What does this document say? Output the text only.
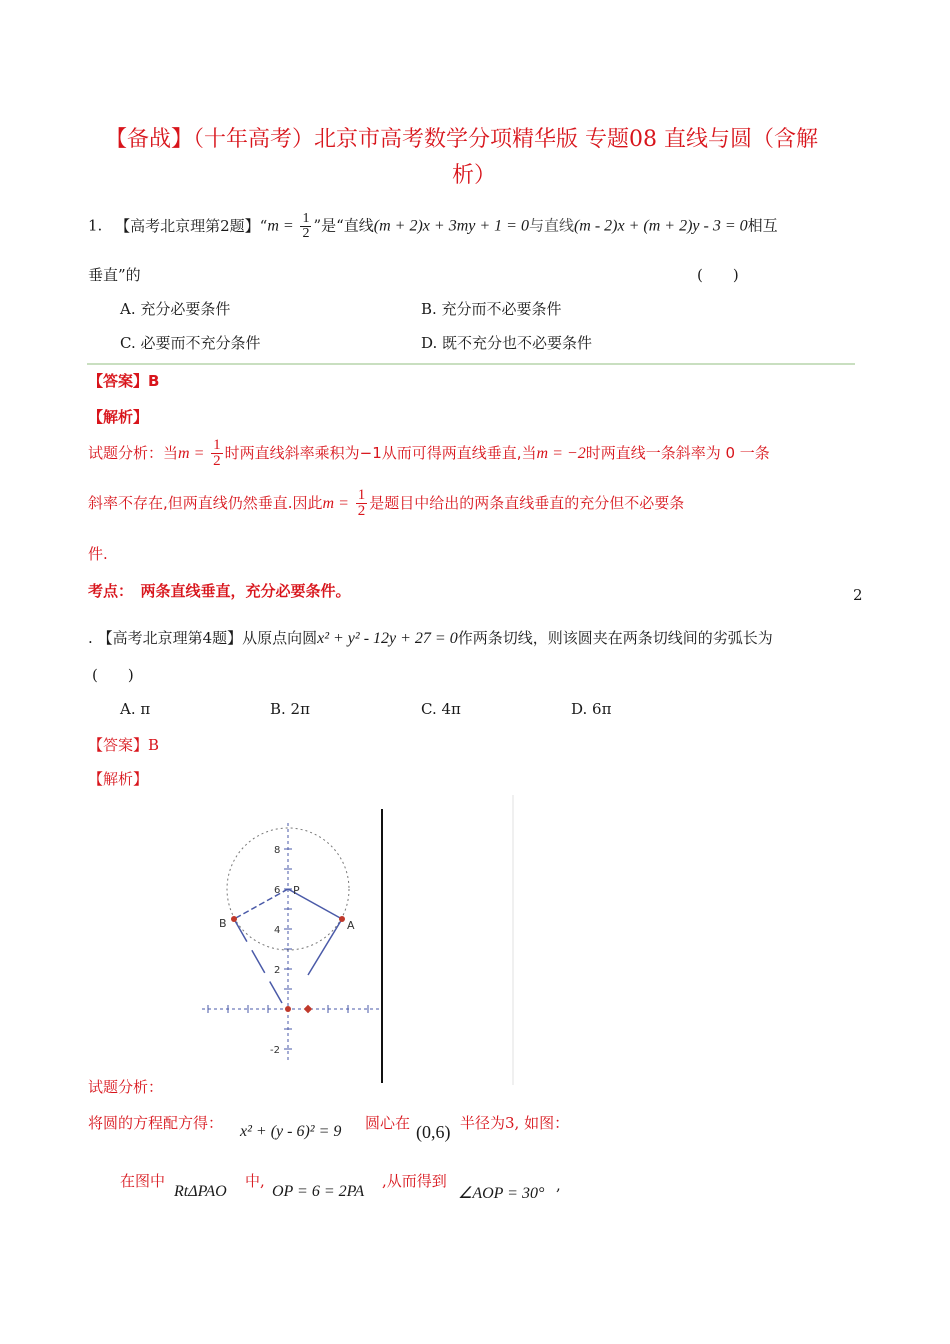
【备战】（十年高考）北京市高考数学分项精华版 专题08 直线与圆（含解
析）
1. 【高考北京理第2题】“$m = \frac{1}{2}$ ”是“直线(m + 2)x + 3my + 1 = 0与直线(m - 2)x + (m + 2)y - 3 = 0相互
垂直”的	(　　)
A. 充分必要条件	B. 充分而不必要条件
C. 必要而不充分条件	D. 既不充分也不必要条件
【答案】B
【解析】
试题分析：当$m = \frac{1}{2}$ 时两直线斜率乘积为−1从而可得两直线垂直,当m = −2时两直线一条斜率为 0 一条
斜率不存在,但两直线仍然垂直.因此$m = \frac{1}{2}$ 是题目中给出的两条直线垂直的充分但不必要条
件.
考点：　两条直线垂直，充分必要条件。	2
. 【高考北京理第4题】从原点向圆x² + y² - 12y + 27 = 0作两条切线，则该圆夹在两条切线间的劣弧长为
(　　)
A. π	B. 2π	C. 4π	D. 6π
【答案】B
【解析】
8
6
4
2
-2
P
A
B
试题分析：
将圆的方程配方得： x² + (y - 6)² = 9 圆心在 (0,6) 半径为3, 如图：
在图中
RtΔPAO
中,
OP = 6 = 2PA
,从而得到
∠AOP = 30° ,
